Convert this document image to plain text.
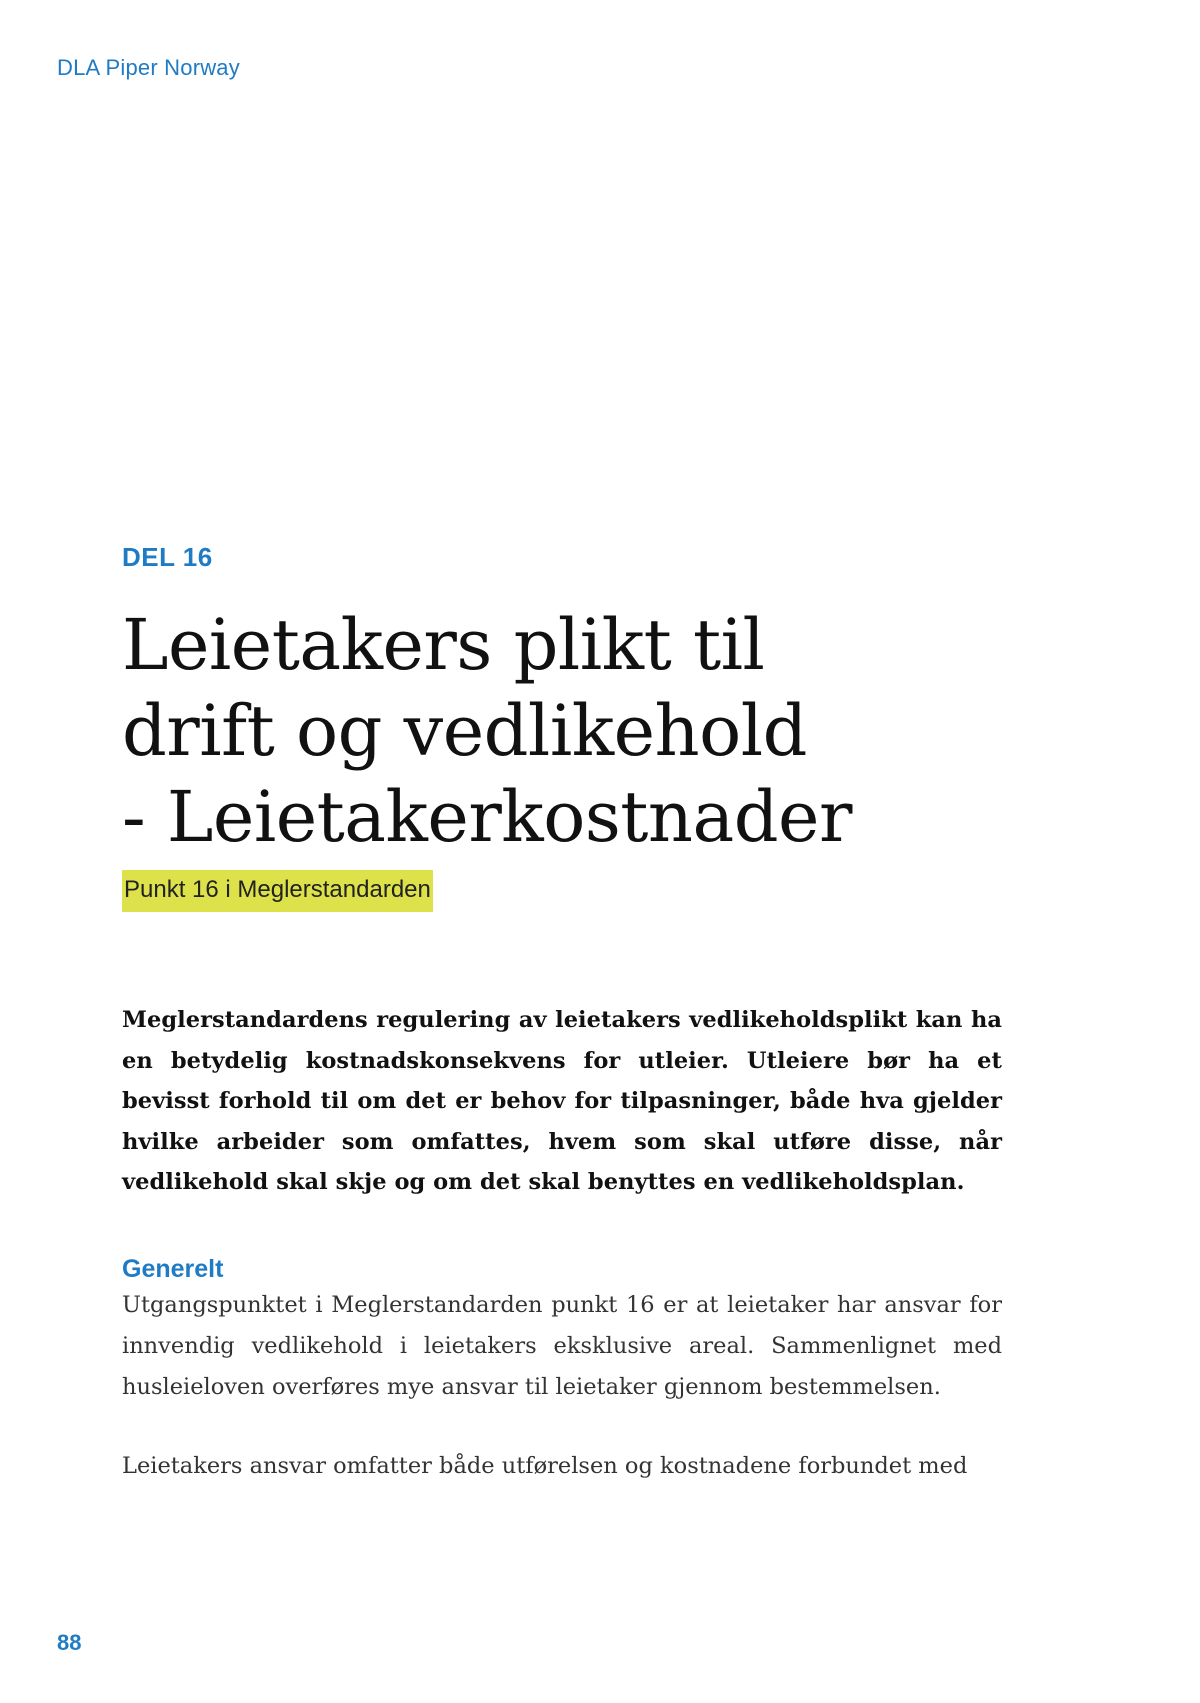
DLA Piper Norway
DEL 16
Leietakers plikt til
drift og vedlikehold
- Leietakerkostnader
Punkt 16 i Meglerstandarden

Meglerstandardens regulering av leietakers vedlikeholdsplikt kan ha en betydelig kostnadskonsekvens for utleier. Utleiere bør ha et bevisst forhold til om det er behov for tilpasninger, både hva gjelder hvilke arbeider som omfattes, hvem som skal utføre disse, når vedlikehold skal skje og om det skal benyttes en vedlikeholdsplan.

Generelt

Utgangspunktet i Meglerstandarden punkt 16 er at leietaker har ansvar for innvendig vedlikehold i leietakers eksklusive areal. Sammenlignet med husleieloven overføres mye ansvar til leietaker gjennom bestemmelsen.

Leietakers ansvar omfatter både utførelsen og kostnadene forbundet med

88
